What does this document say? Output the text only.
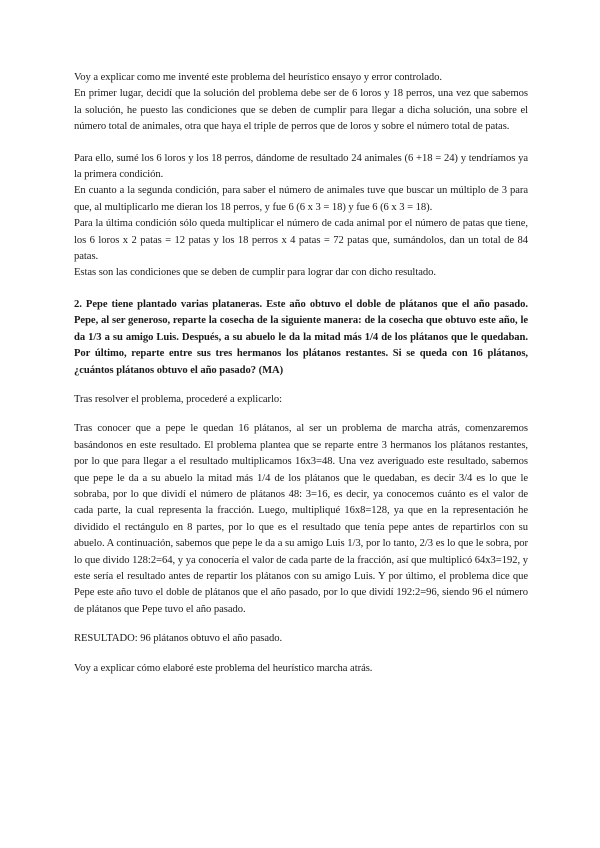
Voy a explicar como me inventé este problema del heurístico ensayo y error controlado.

En primer lugar, decidí que la solución del problema debe ser de 6 loros y 18 perros, una vez que sabemos la solución, he puesto las condiciones que se deben de cumplir para llegar a dicha solución, una sobre el número total de animales, otra que haya el triple de perros que de loros y sobre el número total de patas.

Para ello, sumé los 6 loros y los 18 perros, dándome de resultado 24 animales (6 +18 = 24) y tendríamos ya la primera condición.

En cuanto a la segunda condición, para saber el número de animales tuve que buscar un múltiplo de 3 para que, al multiplicarlo me dieran los 18 perros, y fue 6 (6 x 3 = 18) y fue 6 (6 x 3 = 18).

Para la última condición sólo queda multiplicar el número de cada animal por el número de patas que tiene, los 6 loros x 2 patas = 12 patas y los 18 perros x 4 patas = 72 patas que, sumándolos, dan un total de 84 patas.

Estas son las condiciones que se deben de cumplir para lograr dar con dicho resultado.

2. Pepe tiene plantado varias plataneras. Este año obtuvo el doble de plátanos que el año pasado. Pepe, al ser generoso, reparte la cosecha de la siguiente manera: de la cosecha que obtuvo este año, le da 1/3 a su amigo Luis. Después, a su abuelo le da la mitad más 1/4 de los plátanos que le quedaban. Por último, reparte entre sus tres hermanos los plátanos restantes. Si se queda con 16 plátanos, ¿cuántos plátanos obtuvo el año pasado? (MA)

Tras resolver el problema, procederé a explicarlo:

Tras conocer que a pepe le quedan 16 plátanos, al ser un problema de marcha atrás, comenzaremos basándonos en este resultado. El problema plantea que se reparte entre 3 hermanos los plátanos restantes, por lo que para llegar a el resultado multiplicamos 16x3=48. Una vez averiguado este resultado, sabemos que pepe le da a su abuelo la mitad más 1/4 de los plátanos que le quedaban, es decir 3/4 es lo que le sobraba, por lo que dividí el número de plátanos 48: 3=16, es decir, ya conocemos cuánto es el valor de cada parte, la cual representa la fracción. Luego, multipliqué 16x8=128, ya que en la representación he dividido el rectángulo en 8 partes, por lo que es el resultado que tenía pepe antes de repartirlos con su abuelo. A continuación, sabemos que pepe le da a su amigo Luis 1/3, por lo tanto, 2/3 es lo que le sobra, por lo que divido 128:2=64, y ya conocería el valor de cada parte de la fracción, así que multiplicó 64x3=192, y este sería el resultado antes de repartir los plátanos con su amigo Luis. Y por último, el problema dice que Pepe este año tuvo el doble de plátanos que el año pasado, por lo que dividí 192:2=96, siendo 96 el número de plátanos que Pepe tuvo el año pasado.

RESULTADO: 96 plátanos obtuvo el año pasado.

Voy a explicar cómo elaboré este problema del heurístico marcha atrás.
